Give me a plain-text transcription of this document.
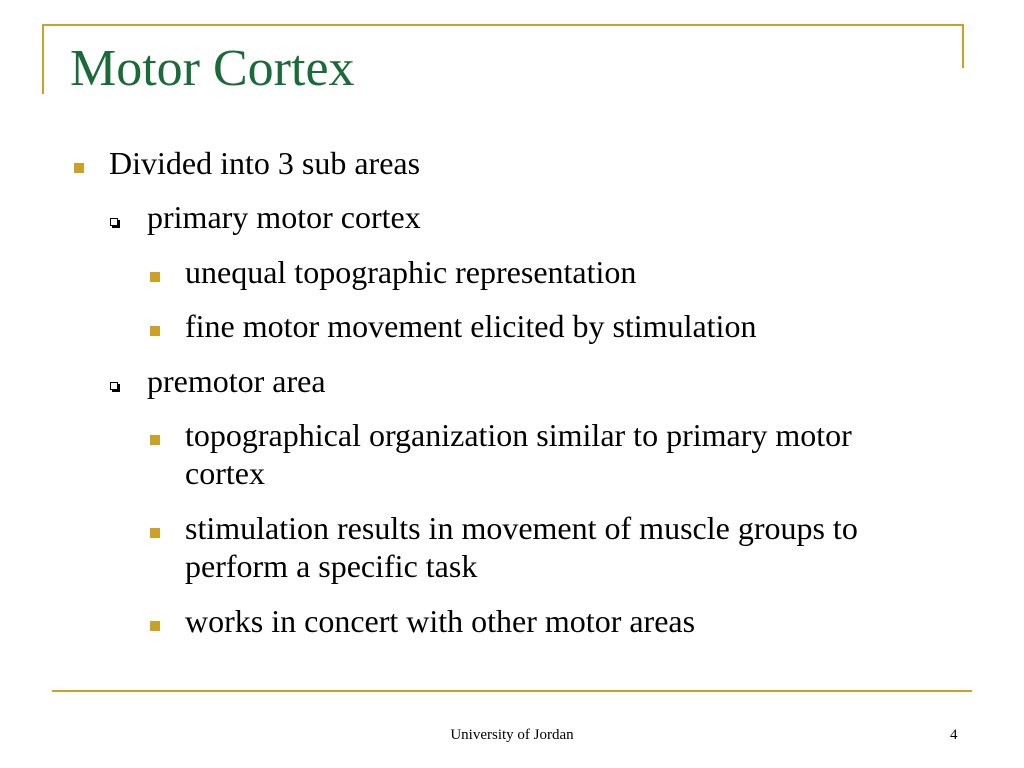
Motor Cortex
Divided into 3 sub areas
primary motor cortex
unequal topographic representation
fine motor movement elicited by stimulation
premotor area
topographical organization similar to primary motor cortex
stimulation results in movement of muscle groups to perform a specific task
works in concert with other motor areas
University of Jordan	4
